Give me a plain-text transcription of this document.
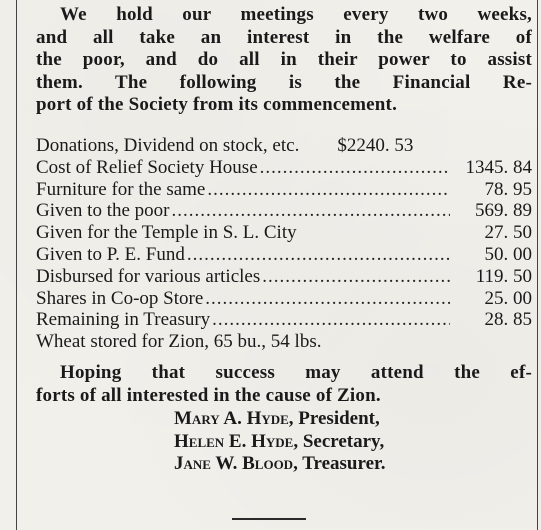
We hold our meetings every two weeks,
and all take an interest in the welfare of
the poor, and do all in their power to assist
them. The following is the Financial Re-
port of the Society from its commencement.
Donations, Dividend on stock, etc.	$2240. 53
Cost of Relief Society House .....	1345. 84
Furniture for the same .....	78. 95
Given to the poor .....	569. 89
Given for the Temple in S. L. City	27. 50
Given to P. E. Fund .....	50. 00
Disbursed for various articles .....	119. 50
Shares in Co-op Store .....	25. 00
Remaining in Treasury .....	28. 85
Wheat stored for Zion, 65 bu., 54 lbs.
Hoping that success may attend the ef-
forts of all interested in the cause of Zion.
Mary A. Hyde, President,
Helen E. Hyde, Secretary,
Jane W. Blood, Treasurer.
